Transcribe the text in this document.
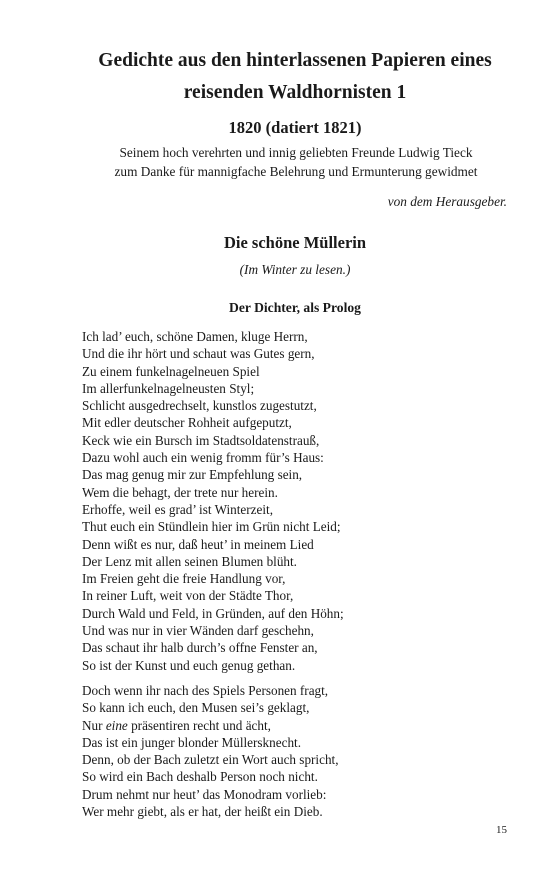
Gedichte aus den hinterlassenen Papieren eines
reisenden Waldhornisten 1
1820 (datiert 1821)
Seinem hoch verehrten und innig geliebten Freunde Ludwig Tieck
zum Danke für mannigfache Belehrung und Ermunterung gewidmet
von dem Herausgeber.
Die schöne Müllerin
(Im Winter zu lesen.)
Der Dichter, als Prolog
Ich lad’ euch, schöne Damen, kluge Herrn,
Und die ihr hört und schaut was Gutes gern,
Zu einem funkelnagelneuen Spiel
Im allerfunkelnagelneusten Styl;
Schlicht ausgedrechselt, kunstlos zugestutzt,
Mit edler deutscher Rohheit aufgeputzt,
Keck wie ein Bursch im Stadtsoldatenstrauß,
Dazu wohl auch ein wenig fromm für’s Haus:
Das mag genug mir zur Empfehlung sein,
Wem die behagt, der trete nur herein.
Erhoffe, weil es grad’ ist Winterzeit,
Thut euch ein Stündlein hier im Grün nicht Leid;
Denn wißt es nur, daß heut’ in meinem Lied
Der Lenz mit allen seinen Blumen blüht.
Im Freien geht die freie Handlung vor,
In reiner Luft, weit von der Städte Thor,
Durch Wald und Feld, in Gründen, auf den Höhn;
Und was nur in vier Wänden darf geschehn,
Das schaut ihr halb durch’s offne Fenster an,
So ist der Kunst und euch genug gethan.
Doch wenn ihr nach des Spiels Personen fragt,
So kann ich euch, den Musen sei’s geklagt,
Nur eine präsentiren recht und ächt,
Das ist ein junger blonder Müllersknecht.
Denn, ob der Bach zuletzt ein Wort auch spricht,
So wird ein Bach deshalb Person noch nicht.
Drum nehmt nur heut’ das Monodram vorlieb:
Wer mehr giebt, als er hat, der heißt ein Dieb.
15
